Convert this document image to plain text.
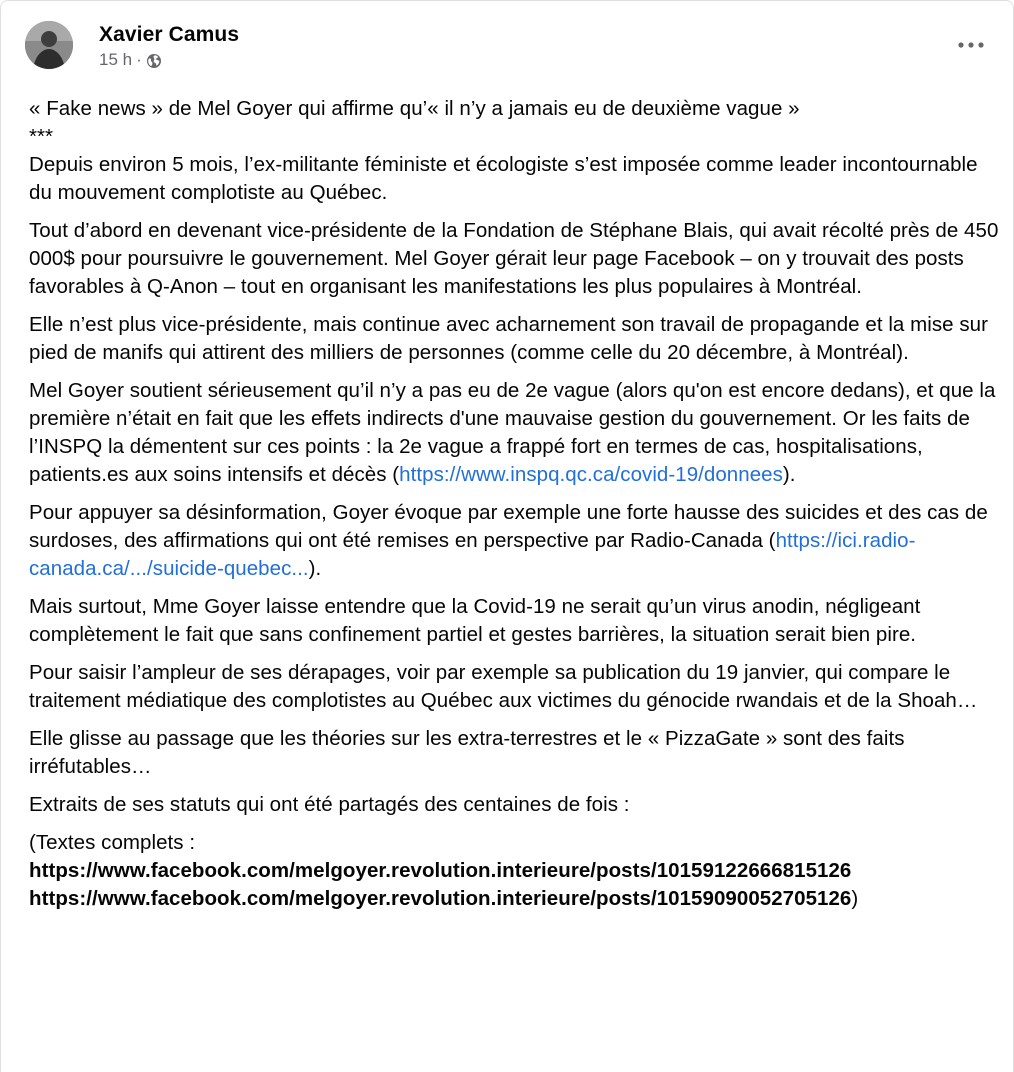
Xavier Camus
15 h ·

« Fake news » de Mel Goyer qui affirme qu’« il n’y a jamais eu de deuxième vague »
***

Depuis environ 5 mois, l’ex-militante féministe et écologiste s’est imposée comme leader incontournable du mouvement complotiste au Québec.

Tout d’abord en devenant vice-présidente de la Fondation de Stéphane Blais, qui avait récolté près de 450 000$ pour poursuivre le gouvernement. Mel Goyer gérait leur page Facebook – on y trouvait des posts favorables à Q-Anon – tout en organisant les manifestations les plus populaires à Montréal.

Elle n’est plus vice-présidente, mais continue avec acharnement son travail de propagande et la mise sur pied de manifs qui attirent des milliers de personnes (comme celle du 20 décembre, à Montréal).

Mel Goyer soutient sérieusement qu’il n’y a pas eu de 2e vague (alors qu'on est encore dedans), et que la première n’était en fait que les effets indirects d'une mauvaise gestion du gouvernement. Or les faits de l’INSPQ la démentent sur ces points : la 2e vague a frappé fort en termes de cas, hospitalisations, patients.es aux soins intensifs et décès (https://www.inspq.qc.ca/covid-19/donnees).

Pour appuyer sa désinformation, Goyer évoque par exemple une forte hausse des suicides et des cas de surdoses, des affirmations qui ont été remises en perspective par Radio-Canada (https://ici.radio-canada.ca/.../suicide-quebec...).

Mais surtout, Mme Goyer laisse entendre que la Covid-19 ne serait qu’un virus anodin, négligeant complètement le fait que sans confinement partiel et gestes barrières, la situation serait bien pire.

Pour saisir l’ampleur de ses dérapages, voir par exemple sa publication du 19 janvier, qui compare le traitement médiatique des complotistes au Québec aux victimes du génocide rwandais et de la Shoah…

Elle glisse au passage que les théories sur les extra-terrestres et le « PizzaGate » sont des faits irréfutables…

Extraits de ses statuts qui ont été partagés des centaines de fois :

(Textes complets :
https://www.facebook.com/melgoyer.revolution.interieure/posts/10159122666815126
https://www.facebook.com/melgoyer.revolution.interieure/posts/10159090052705126)
